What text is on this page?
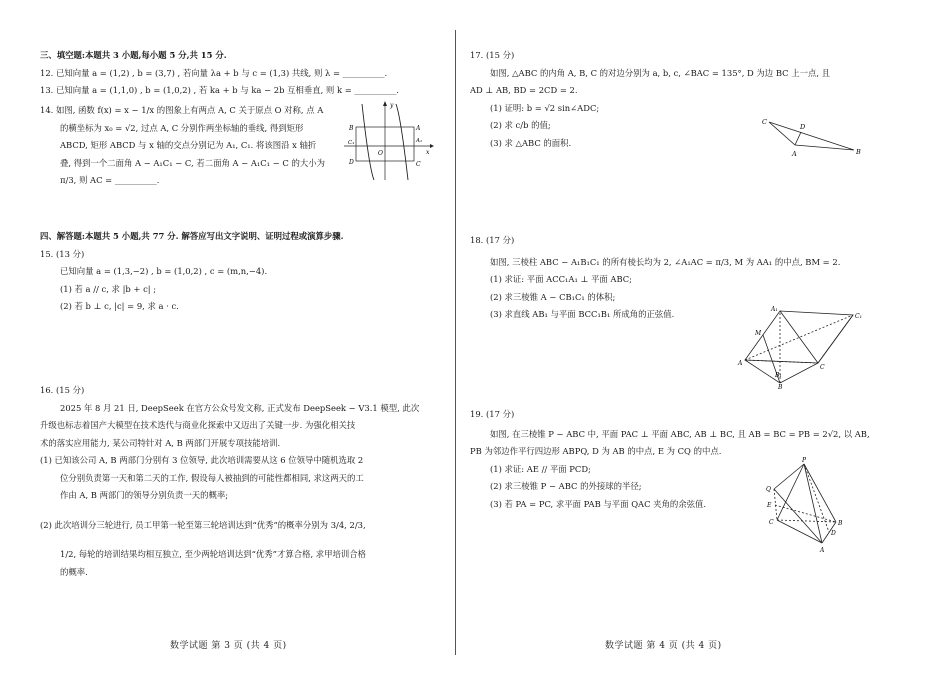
三、填空题:本题共 3 小题,每小题 5 分,共 15 分.

12. 已知向量 a = (1,2) , b = (3,7) , 若向量 λa + b 与 c = (1,3) 共线, 则 λ = __________.

13. 已知向量 a = (1,1,0) , b = (1,0,2) , 若 ka + b 与 ka − 2b 互相垂直, 则 k = __________.

14. 如图, 函数 f(x) = x − 1/x 的图象上有两点 A, C 关于原点 O 对称, 点 A

的横坐标为 x₀ = √2, 过点 A, C 分别作两坐标轴的垂线, 得到矩形

ABCD, 矩形 ABCD 与 x 轴的交点分别记为 A₁, C₁. 将该图沿 x 轴折

叠, 得到一个二面角 A − A₁C₁ − C, 若二面角 A − A₁C₁ − C 的大小为

π/3, 则 AC = __________.

y
B	A
A₁
D
O	x
C₁
C

四、解答题:本题共 5 小题,共 77 分. 解答应写出文字说明、证明过程或演算步骤.

15. (13 分)

已知向量 a = (1,3,−2) , b = (1,0,2) , c = (m,n,−4).

(1) 若 a // c, 求 |b + c| ;

(2) 若 b ⊥ c, |c| = 9, 求 a · c.

16. (15 分)

2025 年 8 月 21 日, DeepSeek 在官方公众号发文称, 正式发布 DeepSeek − V3.1 模型, 此次

升级也标志着国产大模型在技术迭代与商业化探索中又迈出了关键一步. 为强化相关技

术的落实应用能力, 某公司特针对 A, B 两部门开展专项技能培训.

(1) 已知该公司 A, B 两部门分别有 3 位领导, 此次培训需要从这 6 位领导中随机选取 2

位分别负责第一天和第二天的工作, 假设每人被抽到的可能性都相同, 求这两天的工

作由 A, B 两部门的领导分别负责一天的概率;

(2) 此次培训分三轮进行, 员工甲第一轮至第三轮培训达到“优秀”的概率分别为 3/4, 2/3,

1/2, 每轮的培训结果均相互独立, 至少两轮培训达到“优秀”才算合格, 求甲培训合格

的概率.

数学试题 第 3 页 (共 4 页)

17. (15 分)

如图, △ABC 的内角 A, B, C 的对边分别为 a, b, c, ∠BAC = 135°, D 为边 BC 上一点, 且

AD ⊥ AB, BD = 2CD = 2.

(1) 证明: b = √2 sin∠ADC;

(2) 求 c/b 的值;

(3) 求 △ABC 的面积.

C
D
A	B

18. (17 分)

如图, 三棱柱 ABC − A₁B₁C₁ 的所有棱长均为 2, ∠A₁AC = π/3, M 为 AA₁ 的中点, BM = 2.

(1) 求证: 平面 ACC₁A₁ ⊥ 平面 ABC;

(2) 求三棱锥 A − CB₁C₁ 的体积;

(3) 求直线 AB₁ 与平面 BCC₁B₁ 所成角的正弦值.	A₁
M
C₁
A
C
B₁
B

19. (17 分)

如图, 在三棱锥 P − ABC 中, 平面 PAC ⊥ 平面 ABC, AB ⊥ BC, 且 AB = BC = PB = 2√2, 以 AB,

PB 为邻边作平行四边形 ABPQ, D 为 AB 的中点, E 为 CQ 的中点.

(1) 求证: AE // 平面 PCD;

(2) 求三棱锥 P − ABC 的外接球的半径;

(3) 若 PA = PC, 求平面 PAB 与平面 QAC 夹角的余弦值.

P
Q
E
C
D
B
A
数学试题 第 4 页 (共 4 页)
